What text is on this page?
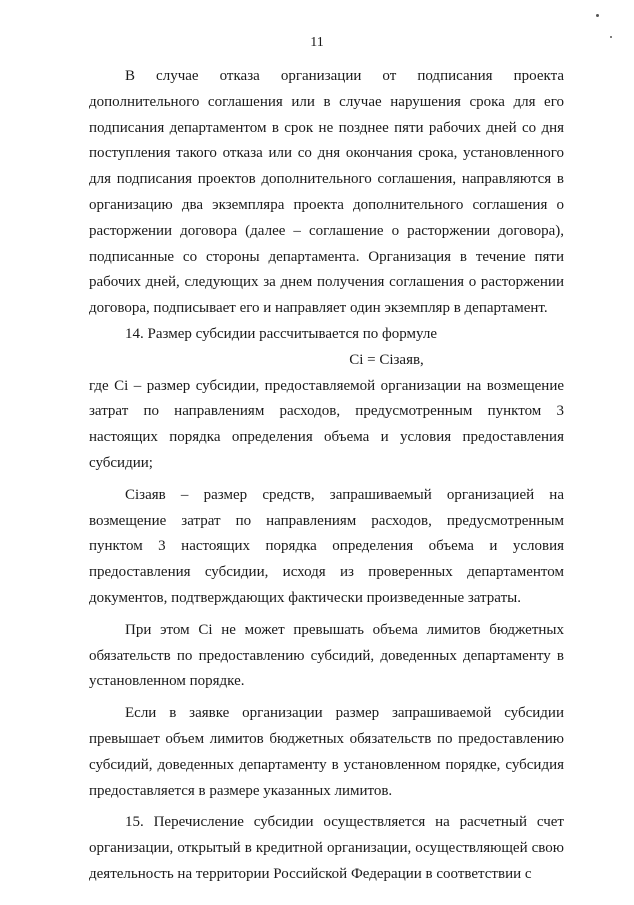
11

В случае отказа организации от подписания проекта дополнительного соглашения или в случае нарушения срока для его подписания департаментом в срок не позднее пяти рабочих дней со дня поступления такого отказа или со дня окончания срока, установленного для подписания проектов дополнительного соглашения, направляются в организацию два экземпляра проекта дополнительного соглашения о расторжении договора (далее – соглашение о расторжении договора), подписанные со стороны департамента. Организация в течение пяти рабочих дней, следующих за днем получения соглашения о расторжении договора, подписывает его и направляет один экземпляр в департамент.

14. Размер субсидии рассчитывается по формуле

Ci = Cізаяв,

где Ci – размер субсидии, предоставляемой организации на возмещение затрат по направлениям расходов, предусмотренным пунктом 3 настоящих порядка определения объема и условия предоставления субсидии;

Cізаяв – размер средств, запрашиваемый организацией на возмещение затрат по направлениям расходов, предусмотренным пунктом 3 настоящих порядка определения объема и условия предоставления субсидии, исходя из проверенных департаментом документов, подтверждающих фактически произведенные затраты.

При этом Ci не может превышать объема лимитов бюджетных обязательств по предоставлению субсидий, доведенных департаменту в установленном порядке.

Если в заявке организации размер запрашиваемой субсидии превышает объем лимитов бюджетных обязательств по предоставлению субсидий, доведенных департаменту в установленном порядке, субсидия предоставляется в размере указанных лимитов.

15. Перечисление субсидии осуществляется на расчетный счет организации, открытый в кредитной организации, осуществляющей свою деятельность на территории Российской Федерации в соответствии с
